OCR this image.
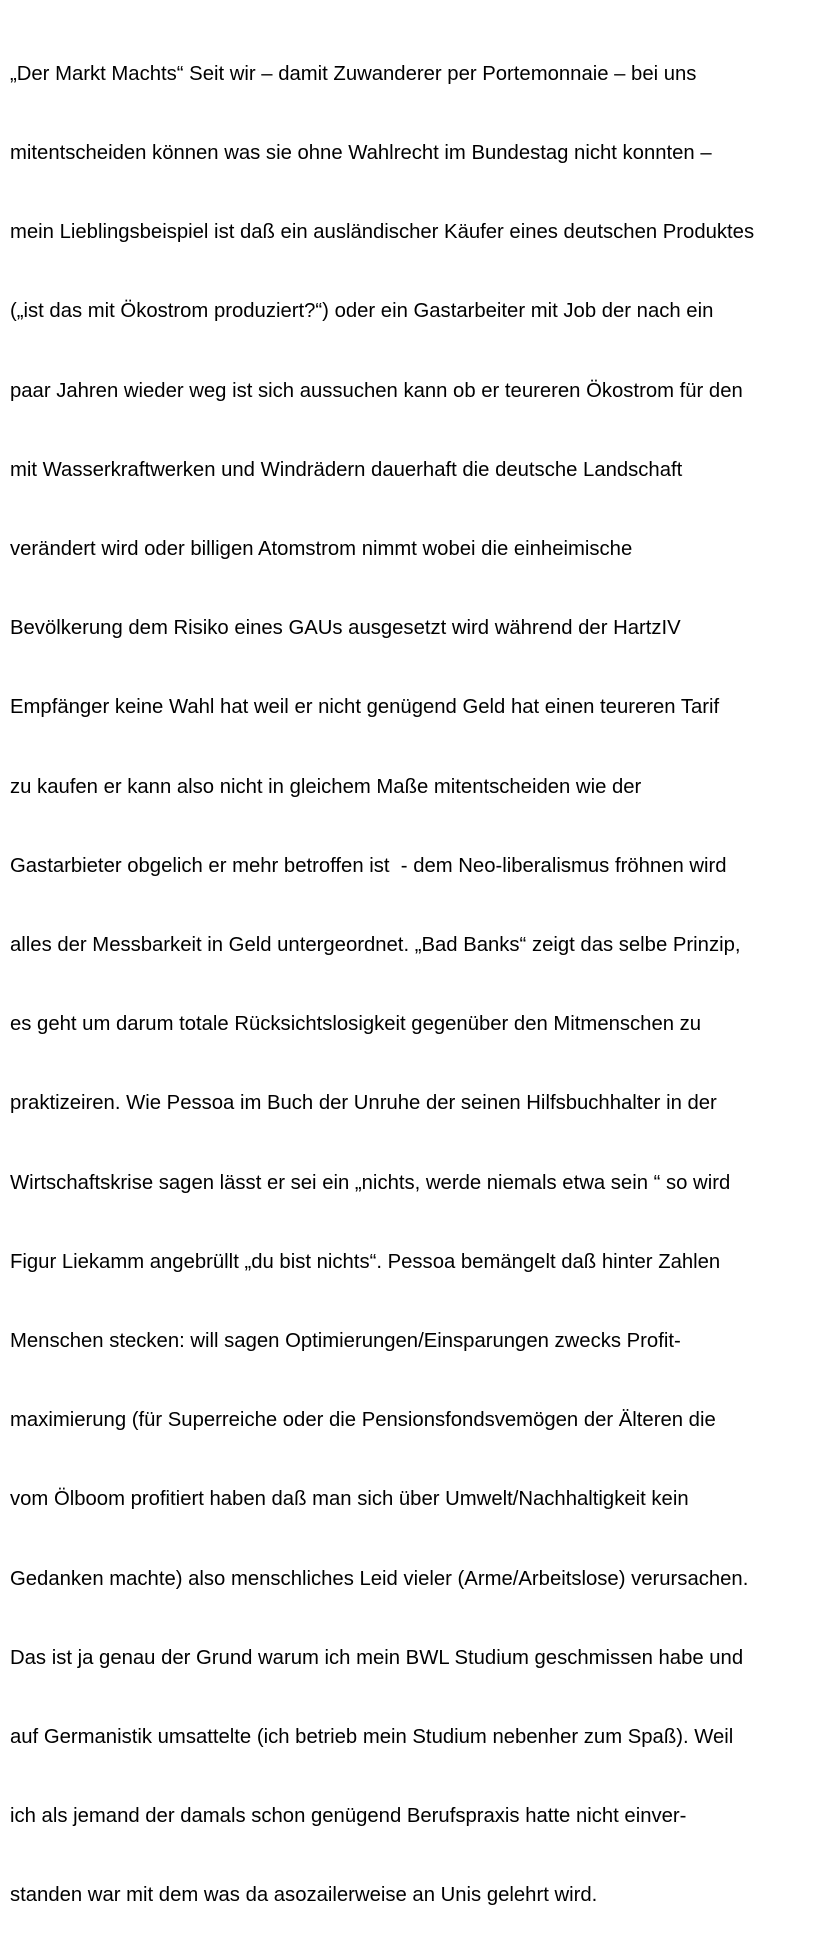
„Der Markt Machts“ Seit wir – damit Zuwanderer per Portemonnaie – bei uns

mitentscheiden können was sie ohne Wahlrecht im Bundestag nicht konnten –

mein Lieblingsbeispiel ist daß ein ausländischer Käufer eines deutschen Produktes

(„ist das mit Ökostrom produziert?“) oder ein Gastarbeiter mit Job der nach ein

paar Jahren wieder weg ist sich aussuchen kann ob er teureren Ökostrom für den

mit Wasserkraftwerken und Windrädern dauerhaft die deutsche Landschaft

verändert wird oder billigen Atomstrom nimmt wobei die einheimische

Bevölkerung dem Risiko eines GAUs ausgesetzt wird während der HartzIV

Empfänger keine Wahl hat weil er nicht genügend Geld hat einen teureren Tarif

zu kaufen er kann also nicht in gleichem Maße mitentscheiden wie der

Gastarbieter obgelich er mehr betroffen ist  - dem Neo-liberalismus fröhnen wird

alles der Messbarkeit in Geld untergeordnet. „Bad Banks“ zeigt das selbe Prinzip,

es geht um darum totale Rücksichtslosigkeit gegenüber den Mitmenschen zu

praktizeiren. Wie Pessoa im Buch der Unruhe der seinen Hilfsbuchhalter in der

Wirtschaftskrise sagen lässt er sei ein „nichts, werde niemals etwa sein “ so wird

Figur Liekamm angebrüllt „du bist nichts“. Pessoa bemängelt daß hinter Zahlen

Menschen stecken: will sagen Optimierungen/Einsparungen zwecks Profit-

maximierung (für Superreiche oder die Pensionsfondsvemögen der Älteren die

vom Ölboom profitiert haben daß man sich über Umwelt/Nachhaltigkeit kein

Gedanken machte) also menschliches Leid vieler (Arme/Arbeitslose) verursachen.

Das ist ja genau der Grund warum ich mein BWL Studium geschmissen habe und

auf Germanistik umsattelte (ich betrieb mein Studium nebenher zum Spaß). Weil

ich als jemand der damals schon genügend Berufspraxis hatte nicht einver-

standen war mit dem was da asozailerweise an Unis gelehrt wird.
